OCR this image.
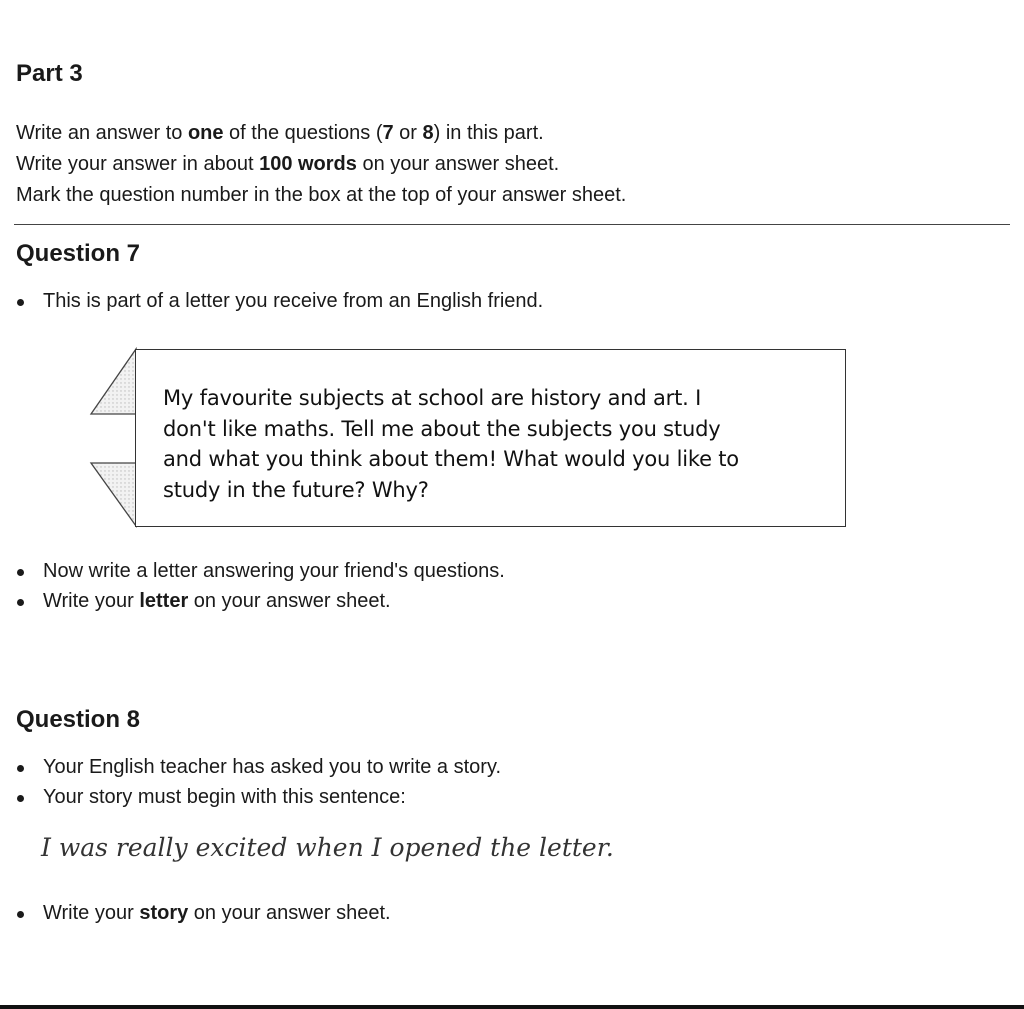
Part 3
Write an answer to one of the questions (7 or 8) in this part.
Write your answer in about 100 words on your answer sheet.
Mark the question number in the box at the top of your answer sheet.
Question 7
This is part of a letter you receive from an English friend.
My favourite subjects at school are history and art. I
don't like maths. Tell me about the subjects you study
and what you think about them! What would you like to
study in the future? Why?
Now write a letter answering your friend's questions.
Write your letter on your answer sheet.
Question 8
Your English teacher has asked you to write a story.
Your story must begin with this sentence:
I was really excited when I opened the letter.
Write your story on your answer sheet.
